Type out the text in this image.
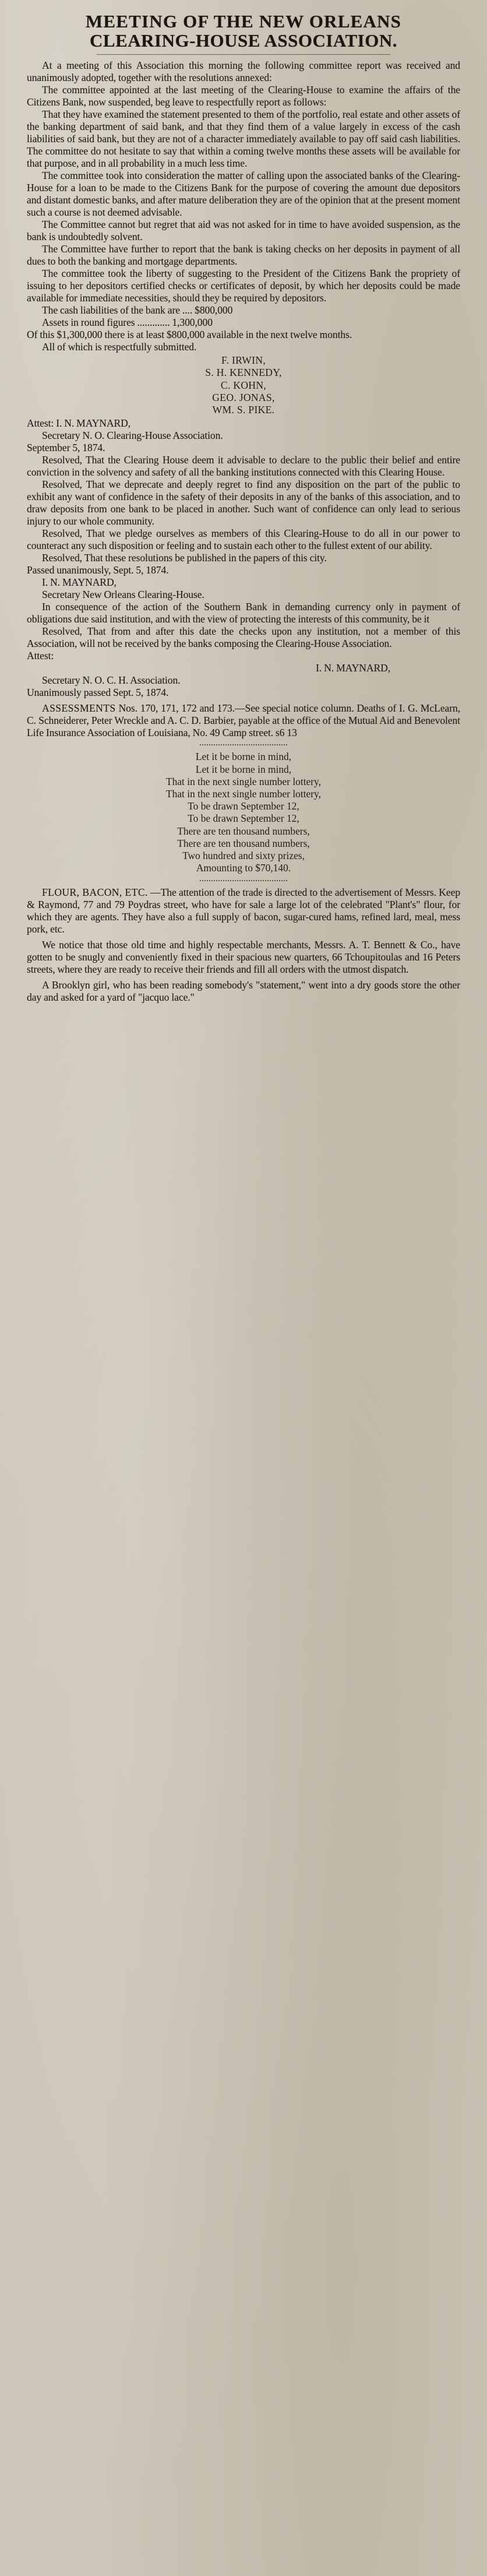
MEETING OF THE NEW ORLEANS
CLEARING-HOUSE ASSOCIATION.

At a meeting of this Association this morning the following committee report was received and unanimously adopted, together with the resolutions annexed:

The committee appointed at the last meeting of the Clearing-House to examine the affairs of the Citizens Bank, now suspended, beg leave to respectfully report as follows:

That they have examined the statement presented to them of the portfolio, real estate and other assets of the banking department of said bank, and that they find them of a value largely in excess of the cash liabilities of said bank, but they are not of a character immediately available to pay off said cash liabilities. The committee do not hesitate to say that within a coming twelve months these assets will be available for that purpose, and in all probability in a much less time.

The committee took into consideration the matter of calling upon the associated banks of the Clearing-House for a loan to be made to the Citizens Bank for the purpose of covering the amount due depositors and distant domestic banks, and after mature deliberation they are of the opinion that at the present moment such a course is not deemed advisable.

The Committee cannot but regret that aid was not asked for in time to have avoided suspension, as the bank is undoubtedly solvent.

The Committee have further to report that the bank is taking checks on her deposits in payment of all dues to both the banking and mortgage departments.

The committee took the liberty of suggesting to the President of the Citizens Bank the propriety of issuing to her depositors certified checks or certificates of deposit, by which her deposits could be made available for immediate necessities, should they be required by depositors.

The cash liabilities of the bank are .... $800,000

Assets in round figures ............. 1,300,000

Of this $1,300,000 there is at least $800,000 available in the next twelve months.

All of which is respectfully submitted.

F. IRWIN,
S. H. KENNEDY,
C. KOHN,
GEO. JONAS,
WM. S. PIKE.

Attest: I. N. MAYNARD,

Secretary N. O. Clearing-House Association.

September 5, 1874.

Resolved, That the Clearing House deem it advisable to declare to the public their belief and entire conviction in the solvency and safety of all the banking institutions connected with this Clearing House.

Resolved, That we deprecate and deeply regret to find any disposition on the part of the public to exhibit any want of confidence in the safety of their deposits in any of the banks of this association, and to draw deposits from one bank to be placed in another. Such want of confidence can only lead to serious injury to our whole community.

Resolved, That we pledge ourselves as members of this Clearing-House to do all in our power to counteract any such disposition or feeling and to sustain each other to the fullest extent of our ability.

Resolved, That these resolutions be published in the papers of this city.

Passed unanimously, Sept. 5, 1874.

I. N. MAYNARD,

Secretary New Orleans Clearing-House.

In consequence of the action of the Southern Bank in demanding currency only in payment of obligations due said institution, and with the view of protecting the interests of this community, be it

Resolved, That from and after this date the checks upon any institution, not a member of this Association, will not be received by the banks composing the Clearing-House Association.

Attest:
I. N. MAYNARD,

Secretary N. O. C. H. Association.

Unanimously passed Sept. 5, 1874.

ASSESSMENTS Nos. 170, 171, 172 and 173.—See special notice column. Deaths of I. G. McLearn, C. Schneiderer, Peter Wreckle and A. C. D. Barbier, payable at the office of the Mutual Aid and Benevolent Life Insurance Association of Louisiana, No. 49 Camp street. s6 13

Let it be borne in mind,
Let it be borne in mind,
That in the next single number lottery,
That in the next single number lottery,
To be drawn September 12,
To be drawn September 12,
There are ten thousand numbers,
There are ten thousand numbers,
Two hundred and sixty prizes,
Amounting to $70,140.

FLOUR, BACON, ETC. —The attention of the trade is directed to the advertisement of Messrs. Keep & Raymond, 77 and 79 Poydras street, who have for sale a large lot of the celebrated "Plant's" flour, for which they are agents. They have also a full supply of bacon, sugar-cured hams, refined lard, meal, mess pork, etc.

We notice that those old time and highly respectable merchants, Messrs. A. T. Bennett & Co., have gotten to be snugly and conveniently fixed in their spacious new quarters, 66 Tchoupitoulas and 16 Peters streets, where they are ready to receive their friends and fill all orders with the utmost dispatch.

A Brooklyn girl, who has been reading somebody's "statement," went into a dry goods store the other day and asked for a yard of "jacquo lace."
